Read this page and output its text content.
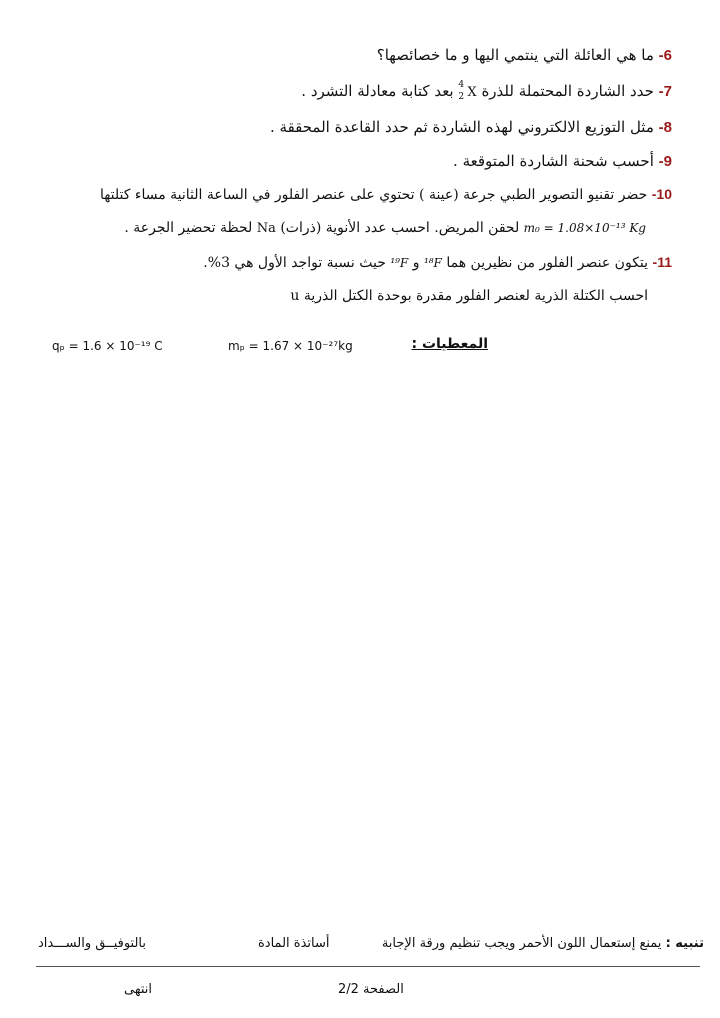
6- ما هي العائلة التي ينتمي اليها و ما خصائصها؟
7- حدد الشاردة المحتملة للذرة
4
2 X بعد كتابة معادلة التشرد .
8- مثل التوزيع الالكتروني لهذه الشاردة ثم حدد القاعدة المحققة .
9- أحسب شحنة الشاردة المتوقعة .
10- حضر تقنيو التصوير الطبي جرعة (عينة ) تحتوي على عنصر الفلور في الساعة الثانية مساء كتلتها
m₀ = 1.08×10⁻¹³ Kg لحقن المريض. احسب عدد الأنوية (ذرات) Na لحظة تحضير الجرعة .
11- يتكون عنصر الفلور من نظيرين هما ¹⁸F و ¹⁹F حيث نسبة تواجد الأول هي 3%.
احسب الكتلة الذرية لعنصر الفلور مقدرة بوحدة الكتل الذرية u
المعطيات :
mₚ = 1.67 × 10⁻²⁷kg
qₚ = 1.6 × 10⁻¹⁹ C
تنبيه : يمنع إستعمال اللون الأحمر ويجب تنظيم ورقة الإجابة
أساتذة المادة
بالتوفيــق والســـداد
الصفحة 2/2
انتهى
